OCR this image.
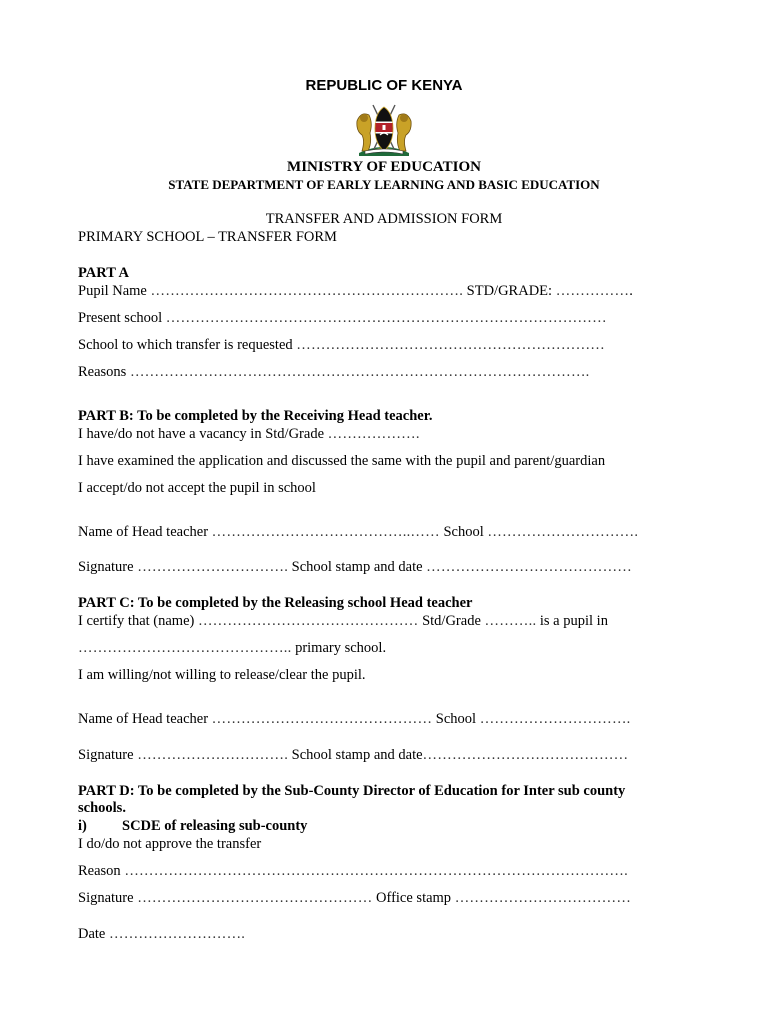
REPUBLIC OF KENYA
MINISTRY OF EDUCATION
STATE DEPARTMENT OF EARLY LEARNING AND BASIC EDUCATION
TRANSFER AND ADMISSION FORM
PRIMARY SCHOOL – TRANSFER FORM
PART A
Pupil Name ………………………………………………………. STD/GRADE: …………….
Present school ………………………………………………………………………………
School to which transfer is requested ………………………………………………………
Reasons ………………………………………………………………………………….
PART B: To be completed by the Receiving Head teacher.
I have/do not have a vacancy in Std/Grade ……………….
I have examined the application and discussed the same with the pupil and parent/guardian
I accept/do not accept the pupil in school
Name of Head teacher …………………………………..…… School ………………………….
Signature …………………………. School stamp and date ……………………………………
PART C: To be completed by the Releasing school Head teacher
I certify that (name) ……………………………………… Std/Grade ……….. is a pupil in
…………………………………….. primary school.
I am willing/not willing to release/clear the pupil.
Name of Head teacher ……………………………………… School ………………………….
Signature …………………………. School stamp and date……………………………………
PART D: To be completed by the Sub-County Director of Education for Inter sub county
schools.
i) SCDE of releasing sub-county
I do/do not approve the transfer
Reason ………………………………………………………………………………………….
Signature ………………………………………… Office stamp ………………………………
Date ……………………….
